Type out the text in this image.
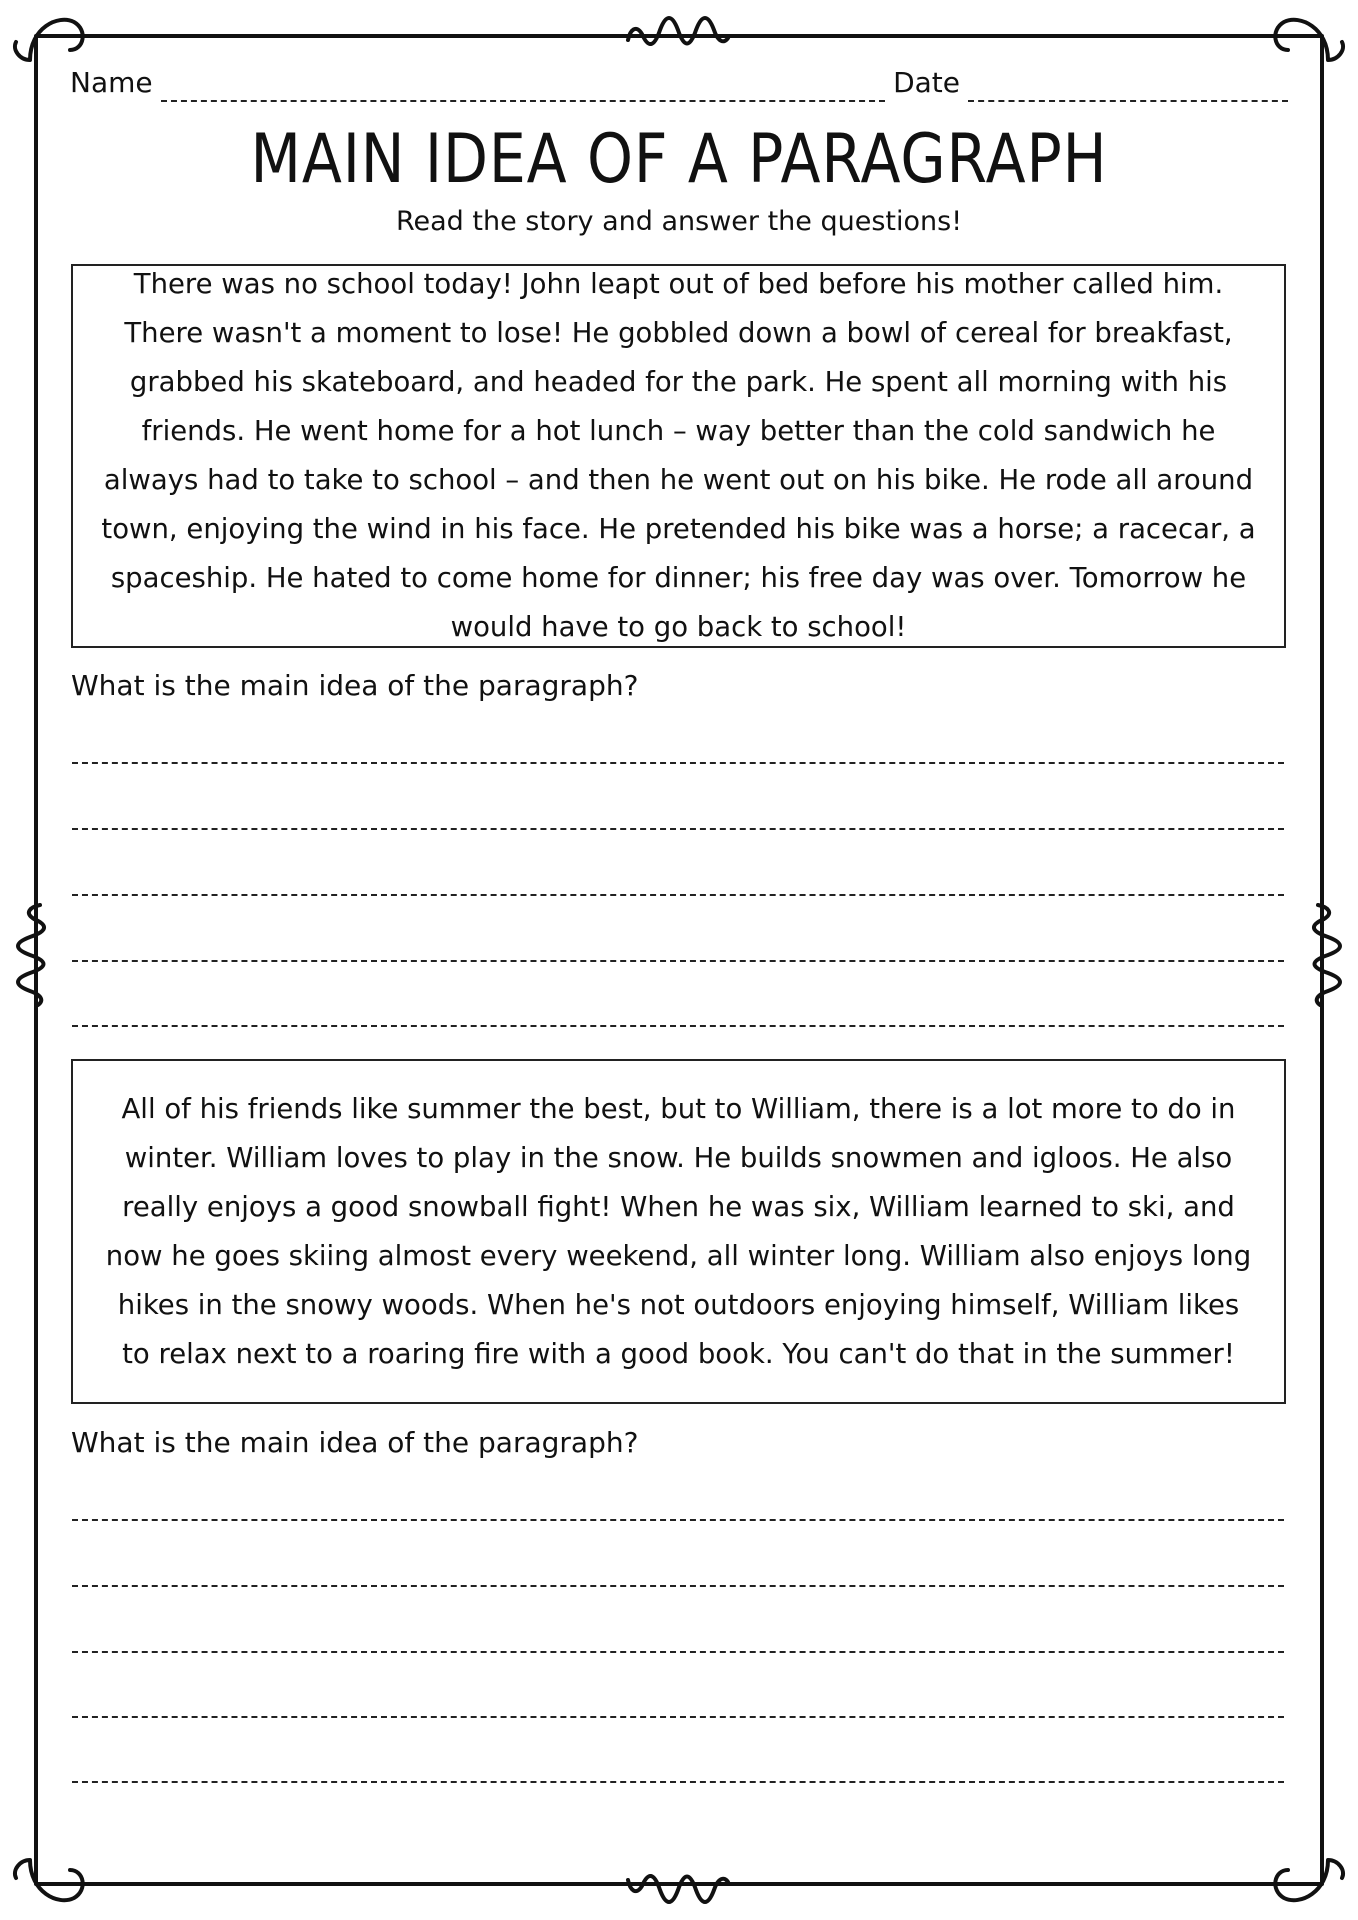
Name	Date
MAIN IDEA OF A PARAGRAPH
Read the story and answer the questions!

There was no school today! John leapt out of bed before his mother called him. There wasn't a moment to lose! He gobbled down a bowl of cereal for breakfast, grabbed his skateboard, and headed for the park. He spent all morning with his friends. He went home for a hot lunch – way better than the cold sandwich he always had to take to school – and then he went out on his bike. He rode all around town, enjoying the wind in his face. He pretended his bike was a horse; a racecar, a spaceship. He hated to come home for dinner; his free day was over. Tomorrow he would have to go back to school!

What is the main idea of the paragraph?

All of his friends like summer the best, but to William, there is a lot more to do in winter. William loves to play in the snow. He builds snowmen and igloos. He also really enjoys a good snowball fight! When he was six, William learned to ski, and now he goes skiing almost every weekend, all winter long. William also enjoys long hikes in the snowy woods. When he's not outdoors enjoying himself, William likes to relax next to a roaring fire with a good book. You can't do that in the summer!

What is the main idea of the paragraph?
